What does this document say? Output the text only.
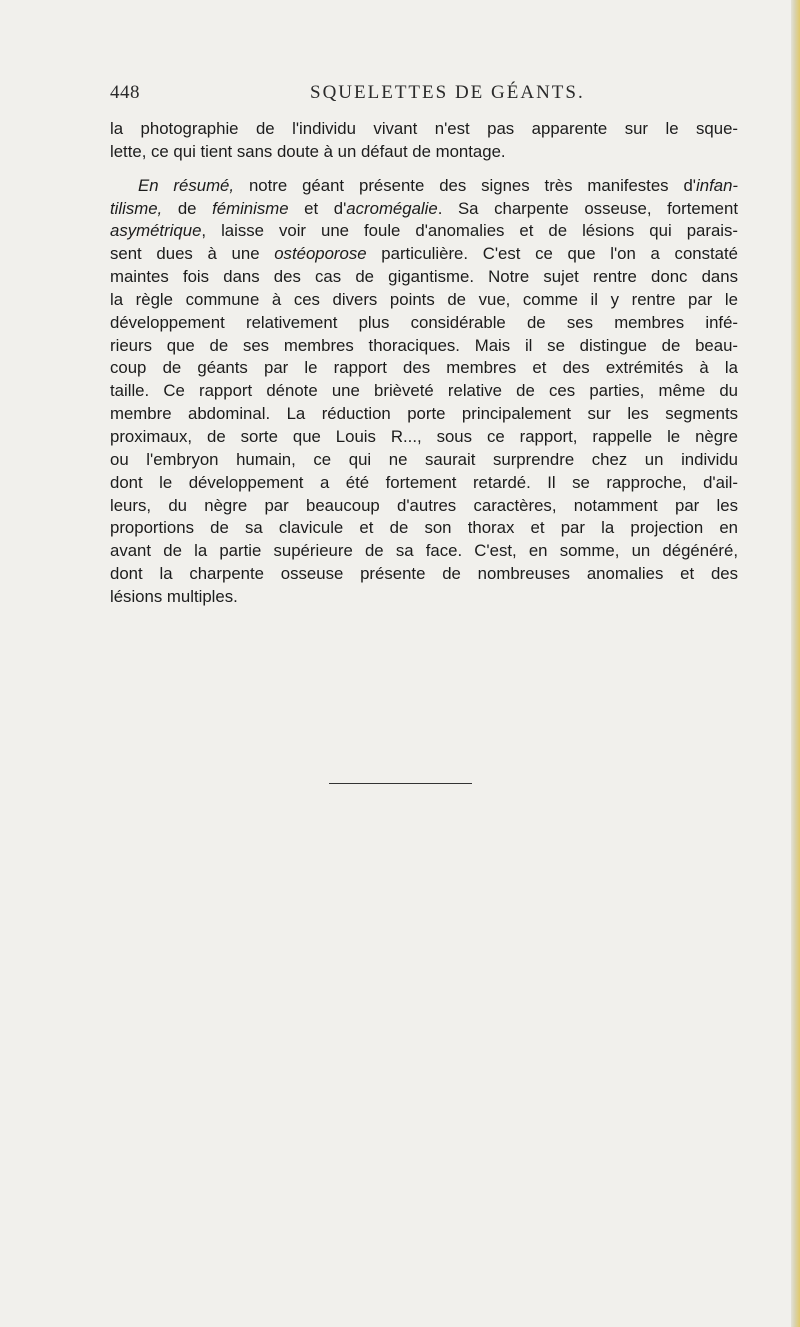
448	SQUELETTES DE GÉANTS.
la photographie de l'individu vivant n'est pas apparente sur le sque-
lette, ce qui tient sans doute à un défaut de montage.
En résumé, notre géant présente des signes très manifestes d'infan-
tilisme, de féminisme et d'acromégalie. Sa charpente osseuse, fortement
asymétrique, laisse voir une foule d'anomalies et de lésions qui parais-
sent dues à une ostéoporose particulière. C'est ce que l'on a constaté
maintes fois dans des cas de gigantisme. Notre sujet rentre donc dans
la règle commune à ces divers points de vue, comme il y rentre par le
développement relativement plus considérable de ses membres infé-
rieurs que de ses membres thoraciques. Mais il se distingue de beau-
coup de géants par le rapport des membres et des extrémités à la
taille. Ce rapport dénote une brièveté relative de ces parties, même du
membre abdominal. La réduction porte principalement sur les segments
proximaux, de sorte que Louis R..., sous ce rapport, rappelle le nègre
ou l'embryon humain, ce qui ne saurait surprendre chez un individu
dont le développement a été fortement retardé. Il se rapproche, d'ail-
leurs, du nègre par beaucoup d'autres caractères, notamment par les
proportions de sa clavicule et de son thorax et par la projection en
avant de la partie supérieure de sa face. C'est, en somme, un dégénéré,
dont la charpente osseuse présente de nombreuses anomalies et des
lésions multiples.
